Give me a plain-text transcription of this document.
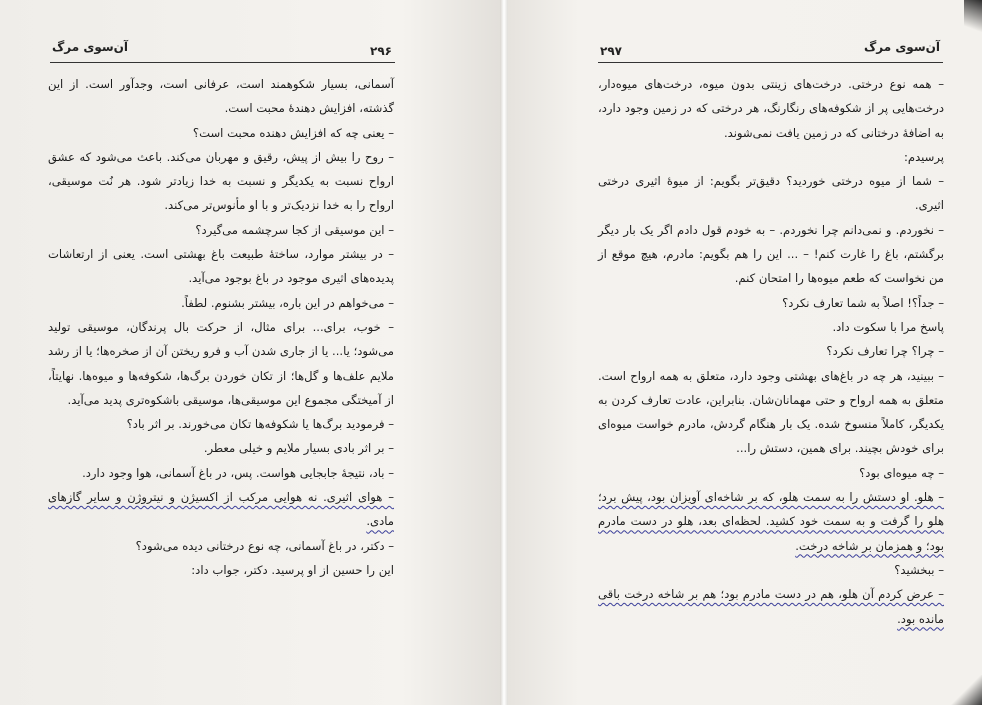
آن‌سوی مرگ	۲۹۶

آسمانی، بسیار شکوهمند است، عرفانی است، وجدآور است. از این گذشته، افزایش دهندهٔ محبت است.

– یعنی چه که افزایش دهنده محبت است؟

– روح را بیش از پیش، رقیق و مهربان می‌کند. باعث می‌شود که عشق ارواح نسبت به یکدیگر و نسبت به خدا زیادتر شود. هر نُت موسیقی، ارواح را به خدا نزدیک‌تر و با او مأنوس‌تر می‌کند.

– این موسیقی از کجا سرچشمه می‌گیرد؟

– در بیشتر موارد، ساختهٔ طبیعت باغ بهشتی است. یعنی از ارتعاشات پدیده‌های اثیری موجود در باغ بوجود می‌آید.

– می‌خواهم در این باره، بیشتر بشنوم. لطفاً.

– خوب، برای... برای مثال، از حرکت بال پرندگان، موسیقی تولید می‌شود؛ یا... یا از جاری شدن آب و فرو ریختن آن از صخره‌ها؛ یا از رشد ملایم علف‌ها و گل‌ها؛ از تکان خوردن برگ‌ها، شکوفه‌ها و میوه‌ها. نهایتاً، از آمیختگی مجموع این موسیقی‌ها، موسیقی باشکوه‌تری پدید می‌آید.

– فرمودید برگ‌ها یا شکوفه‌ها تکان می‌خورند. بر اثر باد؟

– بر اثر بادی بسیار ملایم و خیلی معطر.

– باد، نتیجهٔ جابجایی هواست. پس، در باغ آسمانی، هوا وجود دارد.

– هوای اثیری. نه هوایی مرکب از اکسیژن و نیتروژن و سایر گازهای مادی.

– دکتر، در باغ آسمانی، چه نوع درختانی دیده می‌شود؟

این را حسین از او پرسید. دکتر، جواب داد:

آن‌سوی مرگ
۲۹۷

– همه نوع درختی. درخت‌های زینتی بدون میوه، درخت‌های میوه‌دار، درخت‌هایی پر از شکوفه‌های رنگارنگ، هر درختی که در زمین وجود دارد، به اضافهٔ درختانی که در زمین یافت نمی‌شوند.

پرسیدم:

– شما از میوه درختی خوردید؟ دقیق‌تر بگویم: از میوهٔ اثیری درختی اثیری.

– نخوردم. و نمی‌دانم چرا نخوردم. – به خودم قول دادم اگر یک بار دیگر برگشتم، باغ را غارت کنم! – ... این را هم بگویم: مادرم، هیچ موقع از من نخواست که طعم میوه‌ها را امتحان کنم.

– جداً؟! اصلاً به شما تعارف نکرد؟

پاسخ مرا با سکوت داد.

– چرا؟ چرا تعارف نکرد؟

– ببینید، هر چه در باغ‌های بهشتی وجود دارد، متعلق به همه ارواح است. متعلق به همه ارواح و حتی مهمانان‌شان. بنابراین، عادت تعارف کردن به یکدیگر، کاملاً منسوخ شده. یک بار هنگام گردش، مادرم خواست میوه‌ای برای خودش بچیند. برای همین، دستش را...

– چه میوه‌ای بود؟

– هلو. او دستش را به سمت هلو، که بر شاخه‌ای آویزان بود، پیش برد؛ هلو را گرفت و به سمت خود کشید. لحظه‌ای بعد، هلو در دست مادرم بود؛ و همزمان بر شاخه درخت.

– ببخشید؟

– عرض کردم آن هلو، هم در دست مادرم بود؛ هم بر شاخه درخت باقی مانده بود.
